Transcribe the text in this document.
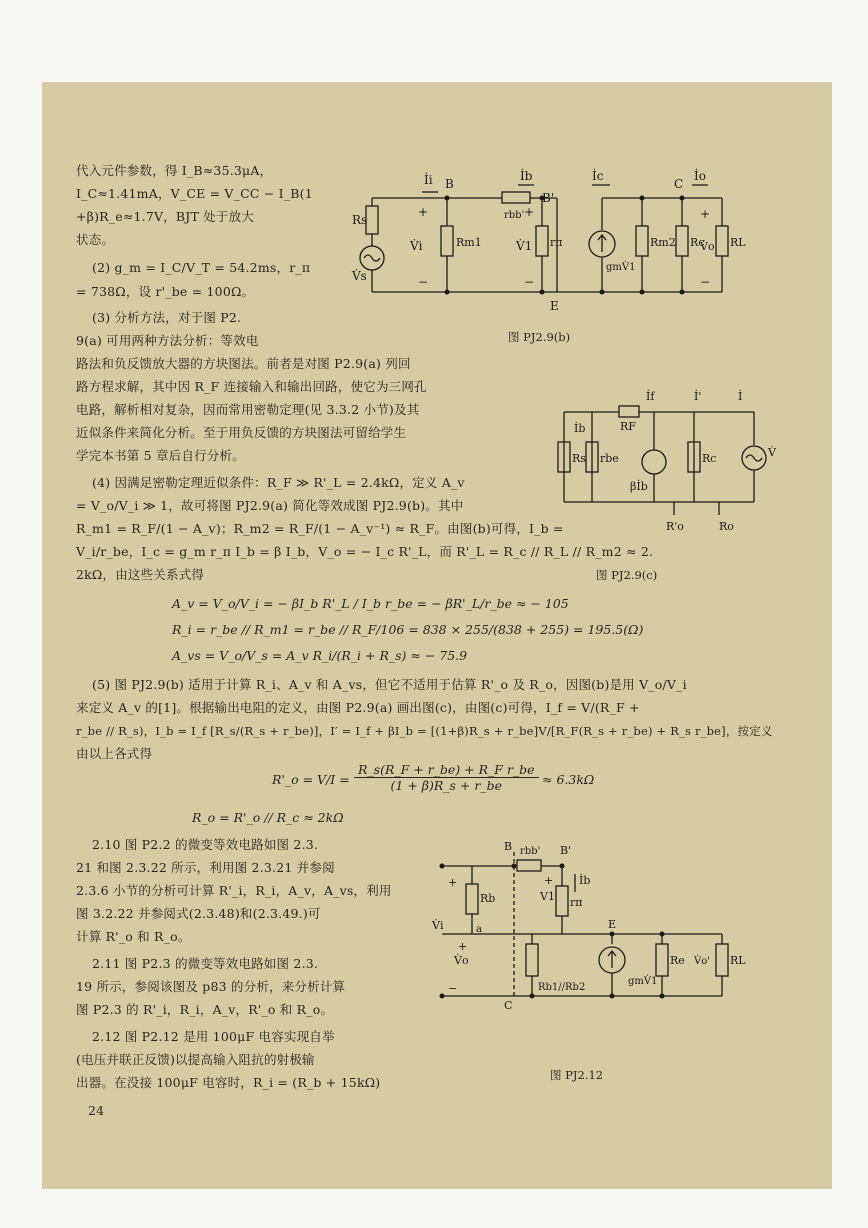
代入元件参数，得 I_B≈35.3μA，
I_C≈1.41mA，V_CE = V_CC − I_B(1
+β)R_e≈1.7V，BJT 处于放大
状态。
(2) g_m = I_C/V_T = 54.2ms，r_π
= 738Ω，设 r'_be = 100Ω。
(3) 分析方法，对于图 P2.
9(a) 可用两种方法分析：等效电
İi B
İb
B'
İc
C
İo
Rs	rbb'
V̇i	Rm1	V̇1 rπ
gmV̇1
Rm2 Rc
V̇o RL
V̇s
E
+
−
+
−
+
−
图 PJ2.9(b)
路法和负反馈放大器的方块图法。前者是对图 P2.9(a) 列回
路方程求解，其中因 R_F 连接输入和输出回路，使它为三网孔
电路，解析相对复杂，因而常用密勒定理(见 3.3.2 小节)及其
近似条件来简化分析。至于用负反馈的方块图法可留给学生
学完本书第 5 章后自行分析。
(4) 因满足密勒定理近似条件：R_F ≫ R'_L = 2.4kΩ，定义 A_v
= V_o/V_i ≫ 1，故可将图 PJ2.9(a) 简化等效成图 PJ2.9(b)。其中
R_m1 = R_F/(1 − A_v)；R_m2 = R_F/(1 − A_v⁻¹) ≈ R_F。由图(b)可得，I_b =
V_i/r_be，I_c = g_m r_π I_b = β I_b，V_o = − I_c R'_L，而 R'_L = R_c // R_L // R_m2 ≈ 2.
2kΩ，由这些关系式得
İf	İ'	İ
İb	RF
Rs rbe
βİb
Rc	V̇
R'o	Ro
图 PJ2.9(c)
A_v = V_o/V_i = − βI_b R'_L / I_b r_be = − βR'_L/r_be ≈ − 105
R_i = r_be // R_m1 = r_be // R_F/106 = 838 × 255/(838 + 255) = 195.5(Ω)
A_vs = V_o/V_s = A_v R_i/(R_i + R_s) ≈ − 75.9
(5) 图 PJ2.9(b) 适用于计算 R_i、A_v 和 A_vs，但它不适用于估算 R'_o 及 R_o，因图(b)是用 V_o/V_i
来定义 A_v 的[1]。根据输出电阻的定义，由图 P2.9(a) 画出图(c)，由图(c)可得，I_f = V/(R_F +
r_be // R_s)，I_b = I_f [R_s/(R_s + r_be)]，I′ = I_f + βI_b = [(1+β)R_s + r_be]V/[R_F(R_s + r_be) + R_s r_be]，按定义
由以上各式得
R'_o = $V/I = \frac{\text{R\_s(R\_F + r\_be) + R\_F r\_be}}{(1 + \beta)R\_s + r\_be} \approx 6.3k\Omega$
R_o = R'_o // R_c ≈ 2kΩ
2.10 图 P2.2 的微变等效电路如图 2.3.
21 和图 2.3.22 所示，利用图 2.3.21 并参阅
2.3.6 小节的分析可计算 R'_i，R_i，A_v，A_vs，利用
图 3.2.22 并参阅式(2.3.48)和(2.3.49.)可
计算 R'_o 和 R_o。
2.11 图 P2.3 的微变等效电路如图 2.3.
19 所示，参阅该图及 p83 的分析，来分析计算
图 P2.3 的 R'_i，R_i，A_v，R'_o 和 R_o。
2.12 图 P2.12 是用 100μF 电容实现自举
(电压并联正反馈)以提高输入阻抗的射极输
出器。在没接 100μF 电容时，R_i = (R_b + 15kΩ)
B rbb' B'
İb
Rb	V1 rπ
E
V̇i
V̇o
Rb1//Rb2
gmV̇1
Re V̇o' RL
C
a
+
−
+
+
图 PJ2.12
24
